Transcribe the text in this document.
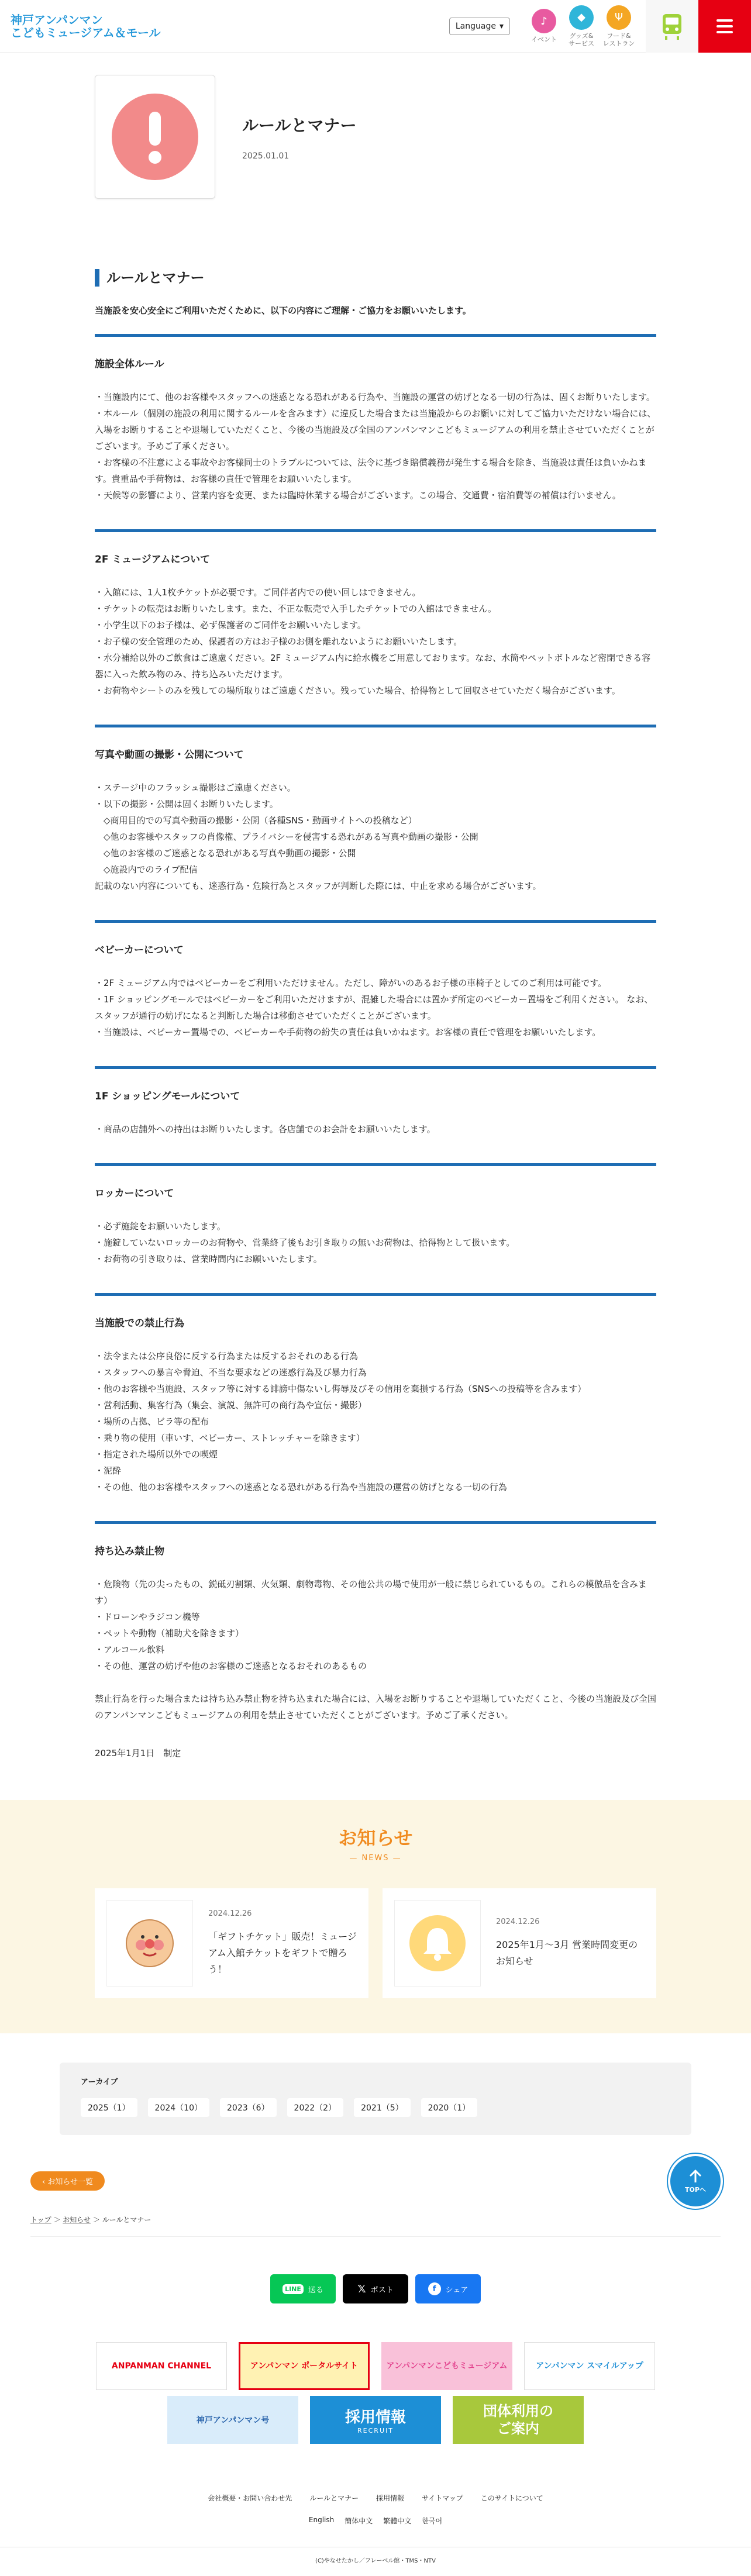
神戸アンパンマン
こどもミュージアム＆モール	Language ▾	♪
イベント
◆
グッズ&
サービス
Ψ
フード&
レストラン
ルールとマナー
2025.01.01
ルールとマナー
当施設を安心安全にご利用いただくために、以下の内容にご理解・ご協力をお願いいたします。
施設全体ルール

・当施設内にて、他のお客様やスタッフへの迷惑となる恐れがある行為や、当施設の運営の妨げとなる一切の行為は、固くお断りいたします。
・本ルール（個別の施設の利用に関するルールを含みます）に違反した場合または当施設からのお願いに対してご協力いただけない場合には、入場をお断りすることや退場していただくこと、今後の当施設及び全国のアンパンマンこどもミュージアムの利用を禁止させていただくことがございます。予めご了承ください。
・お客様の不注意による事故やお客様同士のトラブルについては、法令に基づき賠償義務が発生する場合を除き、当施設は責任は負いかねます。貴重品や手荷物は、お客様の責任で管理をお願いいたします。
・天候等の影響により、営業内容を変更、または臨時休業する場合がございます。この場合、交通費・宿泊費等の補償は行いません。

2F ミュージアムについて

・入館には、1人1枚チケットが必要です。ご同伴者内での使い回しはできません。
・チケットの転売はお断りいたします。また、不正な転売で入手したチケットでの入館はできません。
・小学生以下のお子様は、必ず保護者のご同伴をお願いいたします。
・お子様の安全管理のため、保護者の方はお子様のお側を離れないようにお願いいたします。
・水分補給以外のご飲食はご遠慮ください。2F ミュージアム内に給水機をご用意しております。なお、水筒やペットボトルなど密閉できる容器に入った飲み物のみ、持ち込みいただけます。
・お荷物やシートのみを残しての場所取りはご遠慮ください。残っていた場合、拾得物として回収させていただく場合がございます。

写真や動画の撮影・公開について

・ステージ中のフラッシュ撮影はご遠慮ください。
・以下の撮影・公開は固くお断りいたします。
　◇商用目的での写真や動画の撮影・公開（各種SNS・動画サイトへの投稿など）
　◇他のお客様やスタッフの肖像権、プライバシーを侵害する恐れがある写真や動画の撮影・公開
　◇他のお客様のご迷惑となる恐れがある写真や動画の撮影・公開
　◇施設内でのライブ配信
記載のない内容についても、迷惑行為・危険行為とスタッフが判断した際には、中止を求める場合がございます。

ベビーカーについて

・2F ミュージアム内ではベビーカーをご利用いただけません。ただし、障がいのあるお子様の車椅子としてのご利用は可能です。
・1F ショッピングモールではベビーカーをご利用いただけますが、混雑した場合には置かず所定のベビーカー置場をご利用ください。 なお、スタッフが通行の妨げになると判断した場合は移動させていただくことがございます。
・当施設は、ベビーカー置場での、ベビーカーや手荷物の紛失の責任は負いかねます。お客様の責任で管理をお願いいたします。

1F ショッピングモールについて

・商品の店舗外への持出はお断りいたします。各店舗でのお会計をお願いいたします。

ロッカーについて

・必ず施錠をお願いいたします。
・施錠していないロッカーのお荷物や、営業終了後もお引き取りの無いお荷物は、拾得物として扱います。
・お荷物の引き取りは、営業時間内にお願いいたします。

当施設での禁止行為

・法令または公序良俗に反する行為または反するおそれのある行為
・スタッフへの暴言や脅迫、不当な要求などの迷惑行為及び暴力行為
・他のお客様や当施設、スタッフ等に対する誹謗中傷ないし侮辱及びその信用を棄損する行為（SNSへの投稿等を含みます）
・営利活動、集客行為（集会、演説、無許可の商行為や宣伝・撮影）
・場所の占拠、ビラ等の配布
・乗り物の使用（車いす、ベビーカー、ストレッチャーを除きます）
・指定された場所以外での喫煙
・泥酔
・その他、他のお客様やスタッフへの迷惑となる恐れがある行為や当施設の運営の妨げとなる一切の行為

持ち込み禁止物

・危険物（先の尖ったもの、鋭砥刃割類、火気類、劇物毒物、その他公共の場で使用が一般に禁じられているもの。これらの模倣品を含みます）
・ドローンやラジコン機等
・ペットや動物（補助犬を除きます）
・アルコール飲料
・その他、運営の妨げや他のお客様のご迷惑となるおそれのあるもの

禁止行為を行った場合または持ち込み禁止物を持ち込まれた場合には、入場をお断りすることや退場していただくこと、今後の当施設及び全国のアンパンマンこどもミュージアムの利用を禁止させていただくことがございます。予めご了承ください。

2025年1月1日　制定
お知らせ
— NEWS —
2024.12.26
「ギフトチケット」販売！ミュージアム入館チケットをギフトで贈ろう！
2024.12.26
2025年1月～3月 営業時間変更のお知らせ
アーカイブ
2025（1）	2024（10）	2023（6）	2022（2）	2021（5）	2020（1）
‹ お知らせ一覧
TOPへ
トップ ＞ お知らせ ＞ ルールとマナー
LINE 送る	𝕏 ポスト	f	シェア
ANPANMAN CHANNEL	アンパンマン ポータルサイト	アンパンマンこどもミュージアム	アンパンマン スマイルアップ
神戸アンパンマン号	採用情報
RECRUIT
団体利用の
ご案内
会社概要・お問い合わせ先	ルールとマナー	採用情報	サイトマップ	このサイトについて
English 簡体中文 繁體中文 한국어
(C)やなせたかし／フレーベル館・TMS・NTV
